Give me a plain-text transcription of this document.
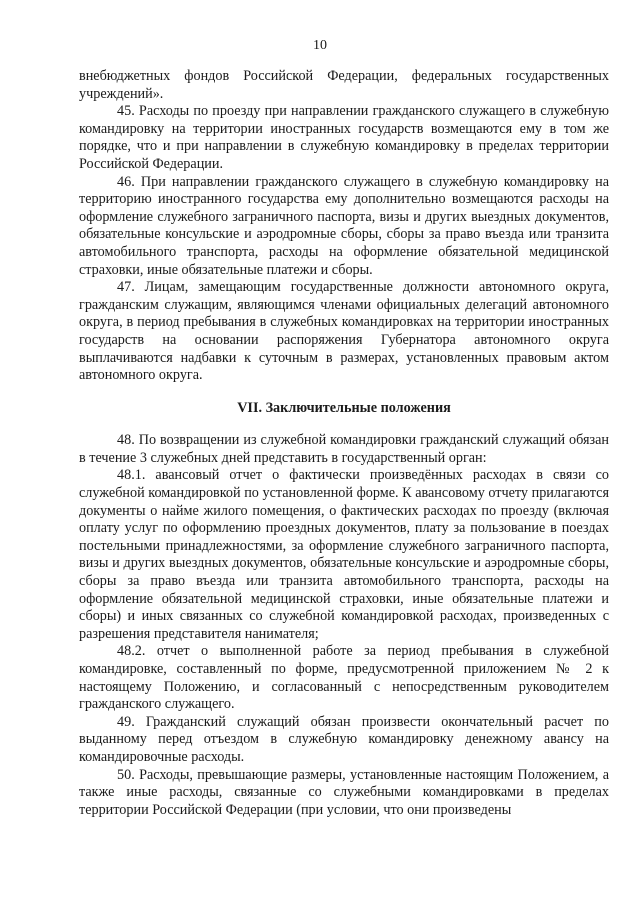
10

внебюджетных фондов Российской Федерации, федеральных государственных учреждений».

45. Расходы по проезду при направлении гражданского служащего в служебную командировку на территории иностранных государств возмещаются ему в том же порядке, что и при направлении в служебную командировку в пределах территории Российской Федерации.

46. При направлении гражданского служащего в служебную командировку на территорию иностранного государства ему дополнительно возмещаются расходы на оформление служебного заграничного паспорта, визы и других выездных документов, обязательные консульские и аэродромные сборы, сборы за право въезда или транзита автомобильного транспорта, расходы на оформление обязательной медицинской страховки, иные обязательные платежи и сборы.

47. Лицам, замещающим государственные должности автономного округа, гражданским служащим, являющимся членами официальных делегаций автономного округа, в период пребывания в служебных командировках на территории иностранных государств на основании распоряжения Губернатора автономного округа выплачиваются надбавки к суточным в размерах, установленных правовым актом автономного округа.

VII. Заключительные положения

48. По возвращении из служебной командировки гражданский служащий обязан в течение 3 служебных дней представить в государственный орган:

48.1. авансовый отчет о фактически произведённых расходах в связи со служебной командировкой по установленной форме. К авансовому отчету прилагаются документы о найме жилого помещения, о фактических расходах по проезду (включая оплату услуг по оформлению проездных документов, плату за пользование в поездах постельными принадлежностями, за оформление служебного заграничного паспорта, визы и других выездных документов, обязательные консульские и аэродромные сборы, сборы за право въезда или транзита автомобильного транспорта, расходы на оформление обязательной медицинской страховки, иные обязательные платежи и сборы) и иных связанных со служебной командировкой расходах, произведенных с разрешения представителя нанимателя;

48.2. отчет о выполненной работе за период пребывания в служебной командировке, составленный по форме, предусмотренной приложением № 2 к настоящему Положению, и согласованный с непосредственным руководителем гражданского служащего.

49. Гражданский служащий обязан произвести окончательный расчет по выданному перед отъездом в служебную командировку денежному авансу на командировочные расходы.

50. Расходы, превышающие размеры, установленные настоящим Положением, а также иные расходы, связанные со служебными командировками в пределах территории Российской Федерации (при условии, что они произведены
